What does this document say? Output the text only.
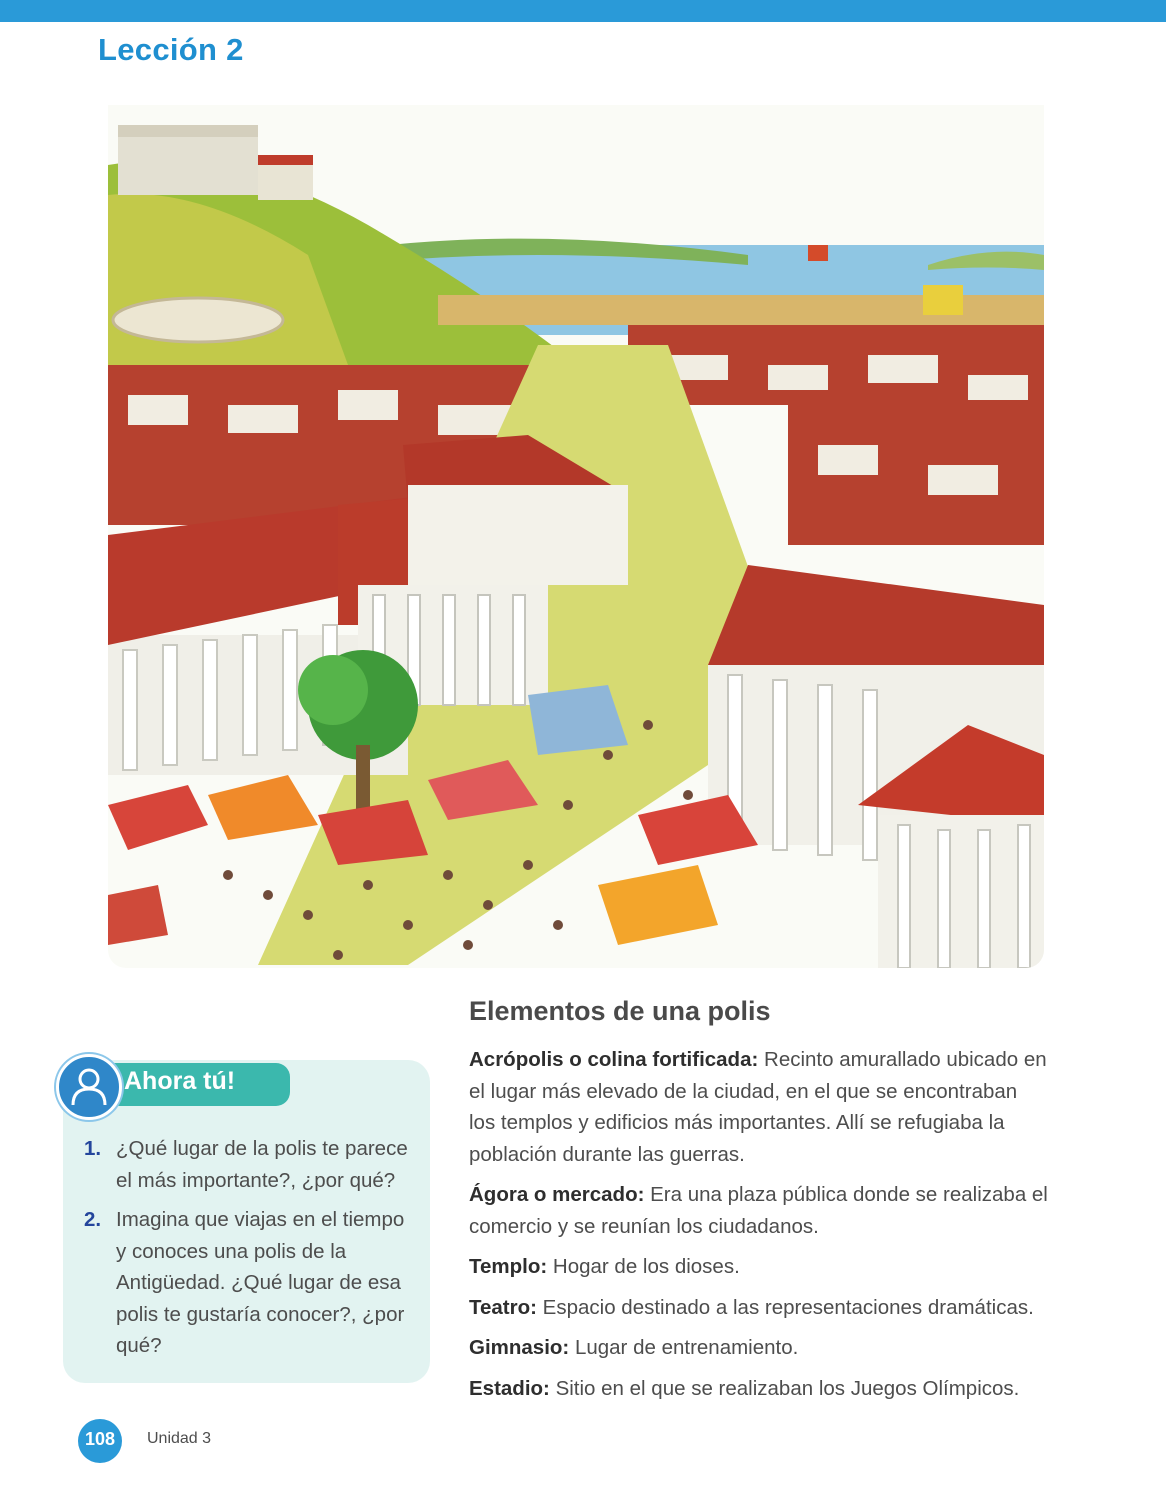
Lección 2
Elementos de una polis

Acrópolis o colina fortificada: Recinto amurallado ubicado en el lugar más elevado de la ciudad, en el que se encontraban los templos y edificios más importantes. Allí se refugiaba la población durante las guerras.

Ágora o mercado: Era una plaza pública donde se realizaba el comercio y se reunían los ciudadanos.

Templo: Hogar de los dioses.

Teatro: Espacio destinado a las representaciones dramáticas.

Gimnasio: Lugar de entrenamiento.

Estadio: Sitio en el que se realizaban los Juegos Olímpicos.

Ahora tú!
1. ¿Qué lugar de la polis te parece el más importante?, ¿por qué?
2. Imagina que viajas en el tiempo y conoces una polis de la Antigüedad. ¿Qué lugar de esa polis te gustaría conocer?, ¿por qué?
108	Unidad 3
